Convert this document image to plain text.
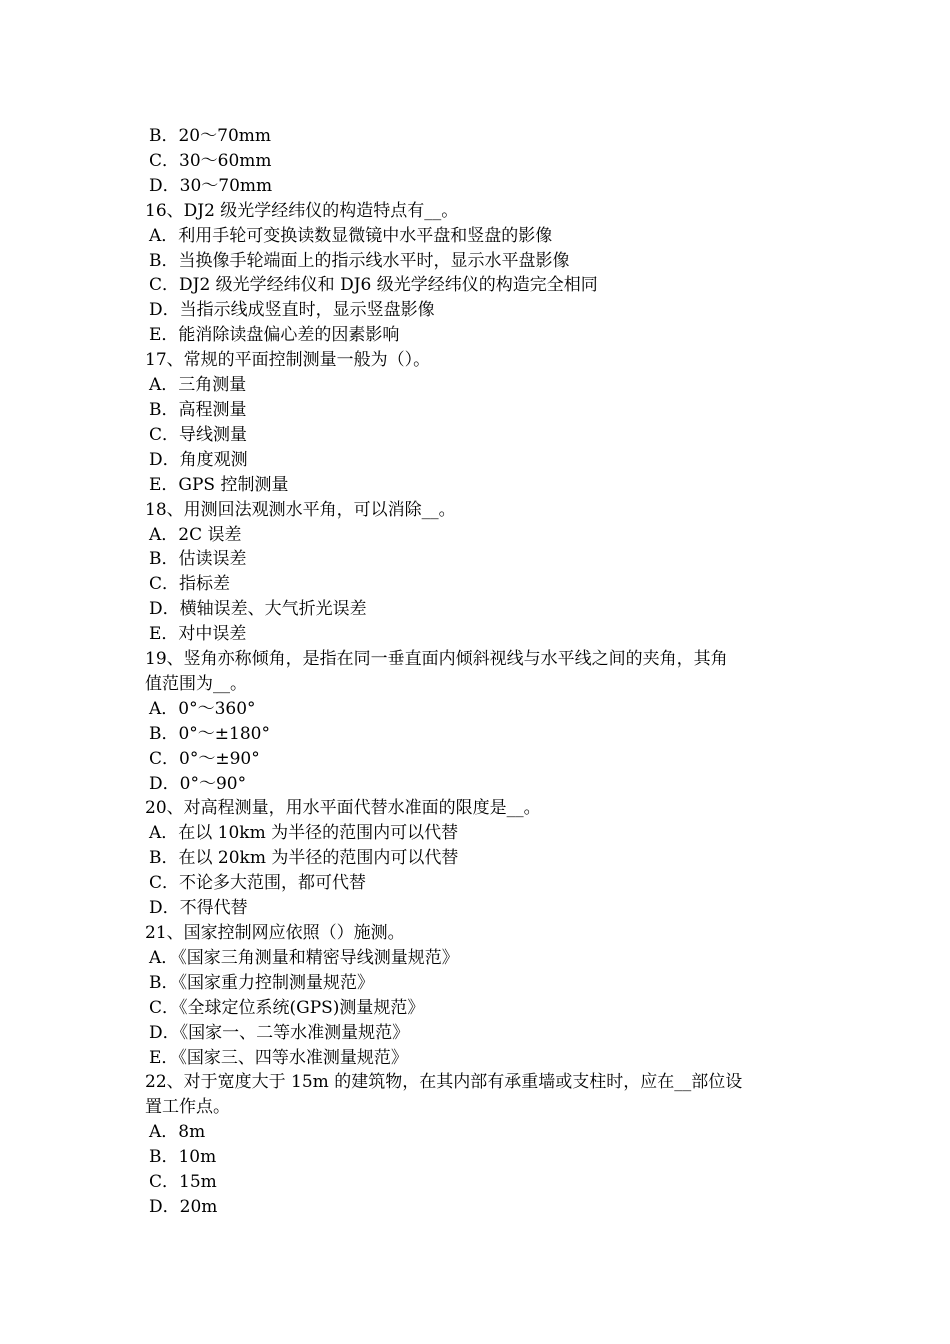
B．20～70mm
C．30～60mm
D．30～70mm
16、DJ2 级光学经纬仪的构造特点有__。
A．利用手轮可变换读数显微镜中水平盘和竖盘的影像
B．当换像手轮端面上的指示线水平时，显示水平盘影像
C．DJ2 级光学经纬仪和 DJ6 级光学经纬仪的构造完全相同
D．当指示线成竖直时，显示竖盘影像
E．能消除读盘偏心差的因素影响
17、常规的平面控制测量一般为（）。
A．三角测量
B．高程测量
C．导线测量
D．角度观测
E．GPS 控制测量
18、用测回法观测水平角，可以消除__。
A．2C 误差
B．估读误差
C．指标差
D．横轴误差、大气折光误差
E．对中误差
19、竖角亦称倾角，是指在同一垂直面内倾斜视线与水平线之间的夹角，其角
值范围为__。
A．0°～360°
B．0°～±180°
C．0°～±90°
D．0°～90°
20、对高程测量，用水平面代替水准面的限度是__。
A．在以 10km 为半径的范围内可以代替
B．在以 20km 为半径的范围内可以代替
C．不论多大范围，都可代替
D．不得代替
21、国家控制网应依照（）施测。
A．《国家三角测量和精密导线测量规范》
B．《国家重力控制测量规范》
C．《全球定位系统(GPS)测量规范》
D．《国家一、二等水准测量规范》
E．《国家三、四等水准测量规范》
22、对于宽度大于 15m 的建筑物，在其内部有承重墙或支柱时，应在__部位设
置工作点。
A．8m
B．10m
C．15m
D．20m
